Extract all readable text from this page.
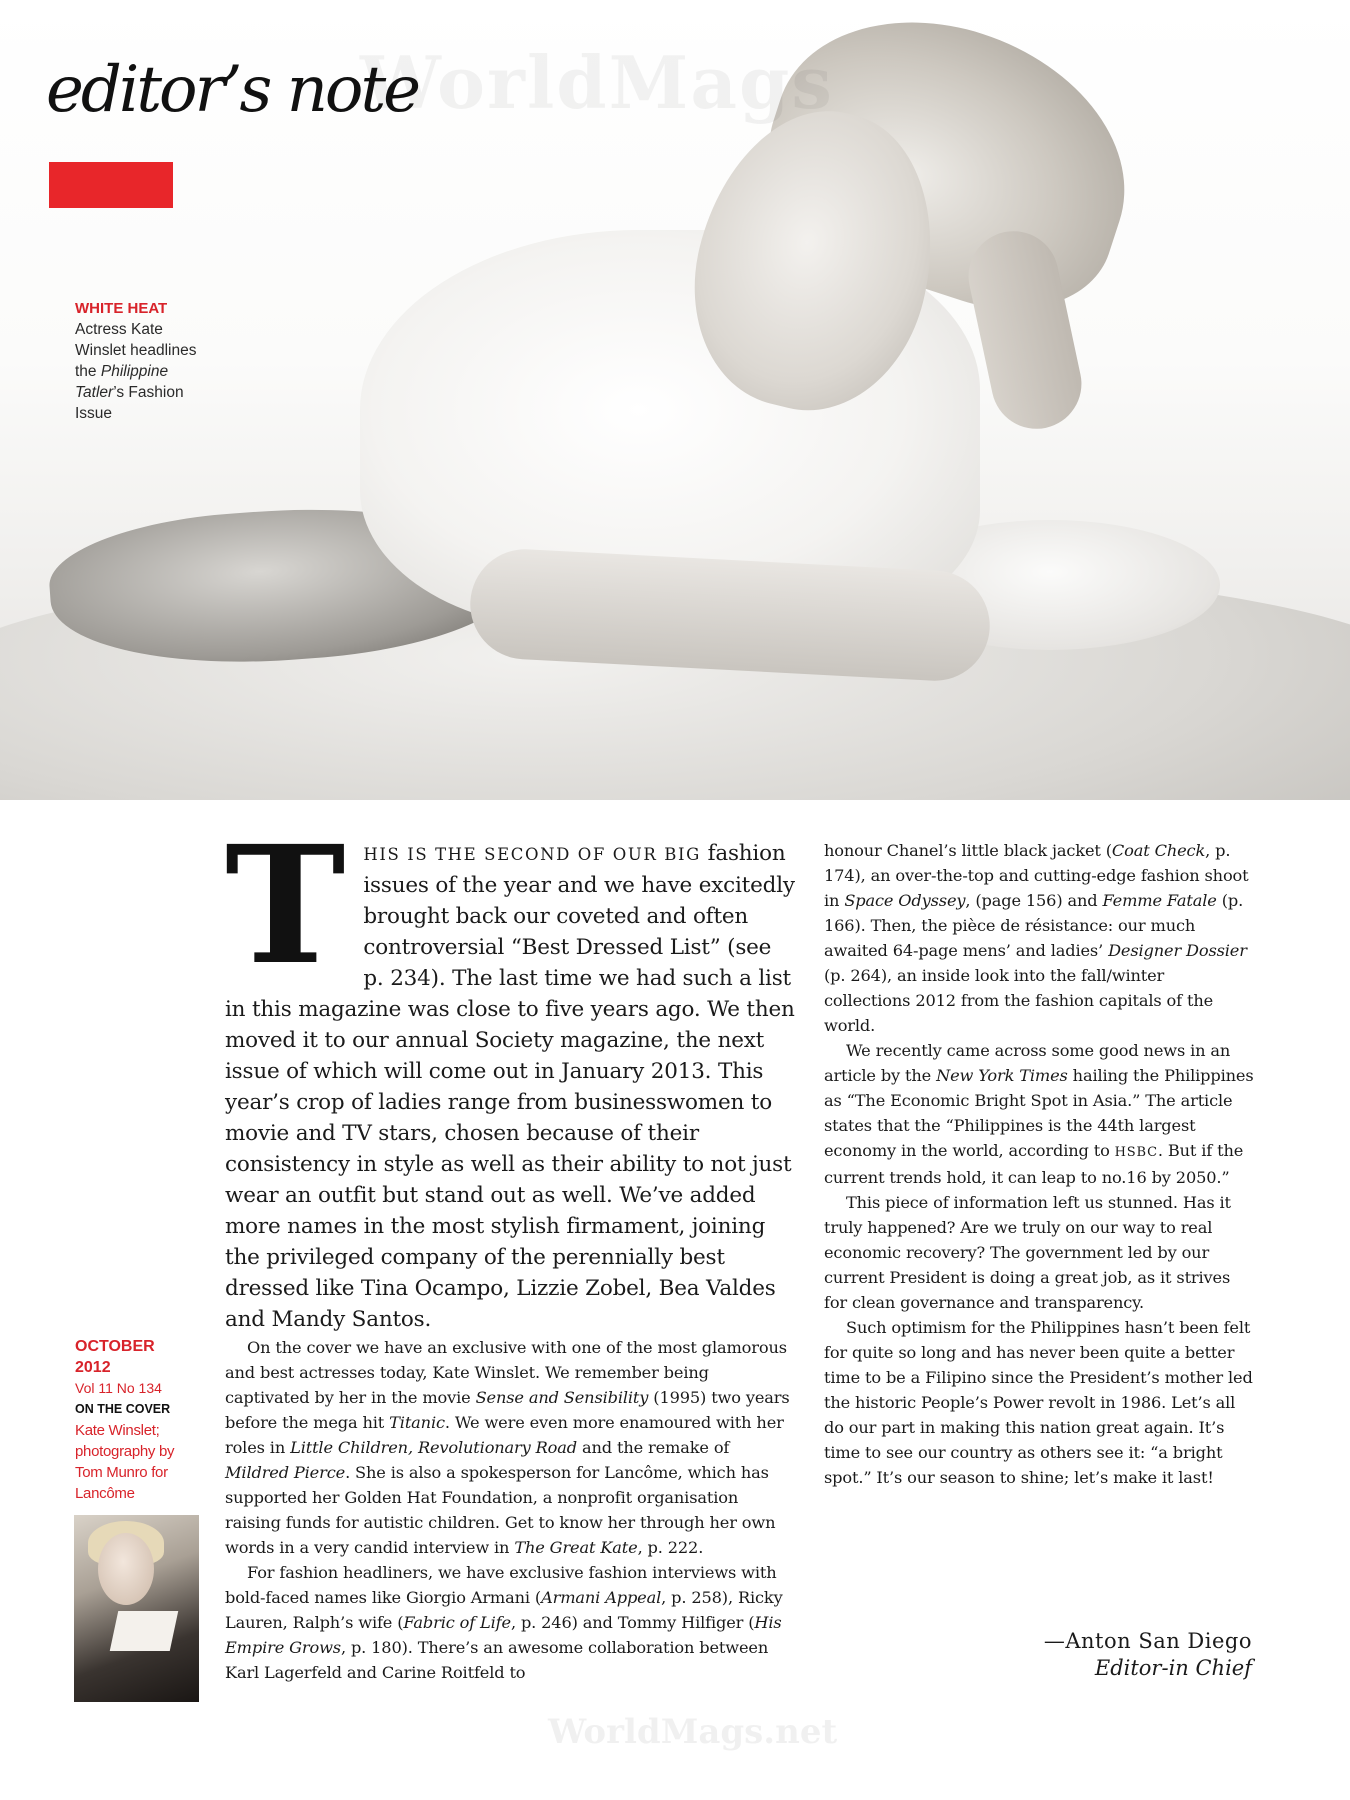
WorldMags
editor’s note
WHITE HEAT
Actress Kate Winslet headlines the Philippine Tatler’s Fashion Issue

T HIS IS THE SECOND OF OUR BIG fashion issues of the year and we have excitedly brought back our coveted and often controversial “Best Dressed List” (see p. 234). The last time we had such a list in this magazine was close to five years ago. We then moved it to our annual Society magazine, the next issue of which will come out in January 2013. This year’s crop of ladies range from businesswomen to movie and TV stars, chosen because of their consistency in style as well as their ability to not just wear an outfit but stand out as well. We’ve added more names in the most stylish firmament, joining the privileged company of the perennially best dressed like Tina Ocampo, Lizzie Zobel, Bea Valdes and Mandy Santos.

On the cover we have an exclusive with one of the most glamorous and best actresses today, Kate Winslet. We remember being captivated by her in the movie Sense and Sensibility (1995) two years before the mega hit Titanic. We were even more enamoured with her roles in Little Children, Revolutionary Road and the remake of Mildred Pierce. She is also a spokesperson for Lancôme, which has supported her Golden Hat Foundation, a nonprofit organisation raising funds for autistic children. Get to know her through her own words in a very candid interview in The Great Kate, p. 222.

For fashion headliners, we have exclusive fashion interviews with bold-faced names like Giorgio Armani (Armani Appeal, p. 258), Ricky Lauren, Ralph’s wife (Fabric of Life, p. 246) and Tommy Hilfiger (His Empire Grows, p. 180). There’s an awesome collaboration between Karl Lagerfeld and Carine Roitfeld to

honour Chanel’s little black jacket (Coat Check, p. 174), an over-the-top and cutting-edge fashion shoot in Space Odyssey, (page 156) and Femme Fatale (p. 166). Then, the pièce de résistance: our much awaited 64-page mens’ and ladies’ Designer Dossier (p. 264), an inside look into the fall/winter collections 2012 from the fashion capitals of the world.

We recently came across some good news in an article by the New York Times hailing the Philippines as “The Economic Bright Spot in Asia.” The article states that the “Philippines is the 44th largest economy in the world, according to HSBC. But if the current trends hold, it can leap to no.16 by 2050.”

This piece of information left us stunned. Has it truly happened? Are we truly on our way to real economic recovery? The government led by our current President is doing a great job, as it strives for clean governance and transparency.

Such optimism for the Philippines hasn’t been felt for quite so long and has never been quite a better time to be a Filipino since the President’s mother led the historic People’s Power revolt in 1986. Let’s all do our part in making this nation great again. It’s time to see our country as others see it: “a bright spot.” It’s our season to shine; let’s make it last!

OCTOBER
2012
Vol 11 No 134
ON THE COVER
Kate Winslet; photography by Tom Munro for Lancôme
—Anton San Diego
Editor-in Chief
WorldMags.net
